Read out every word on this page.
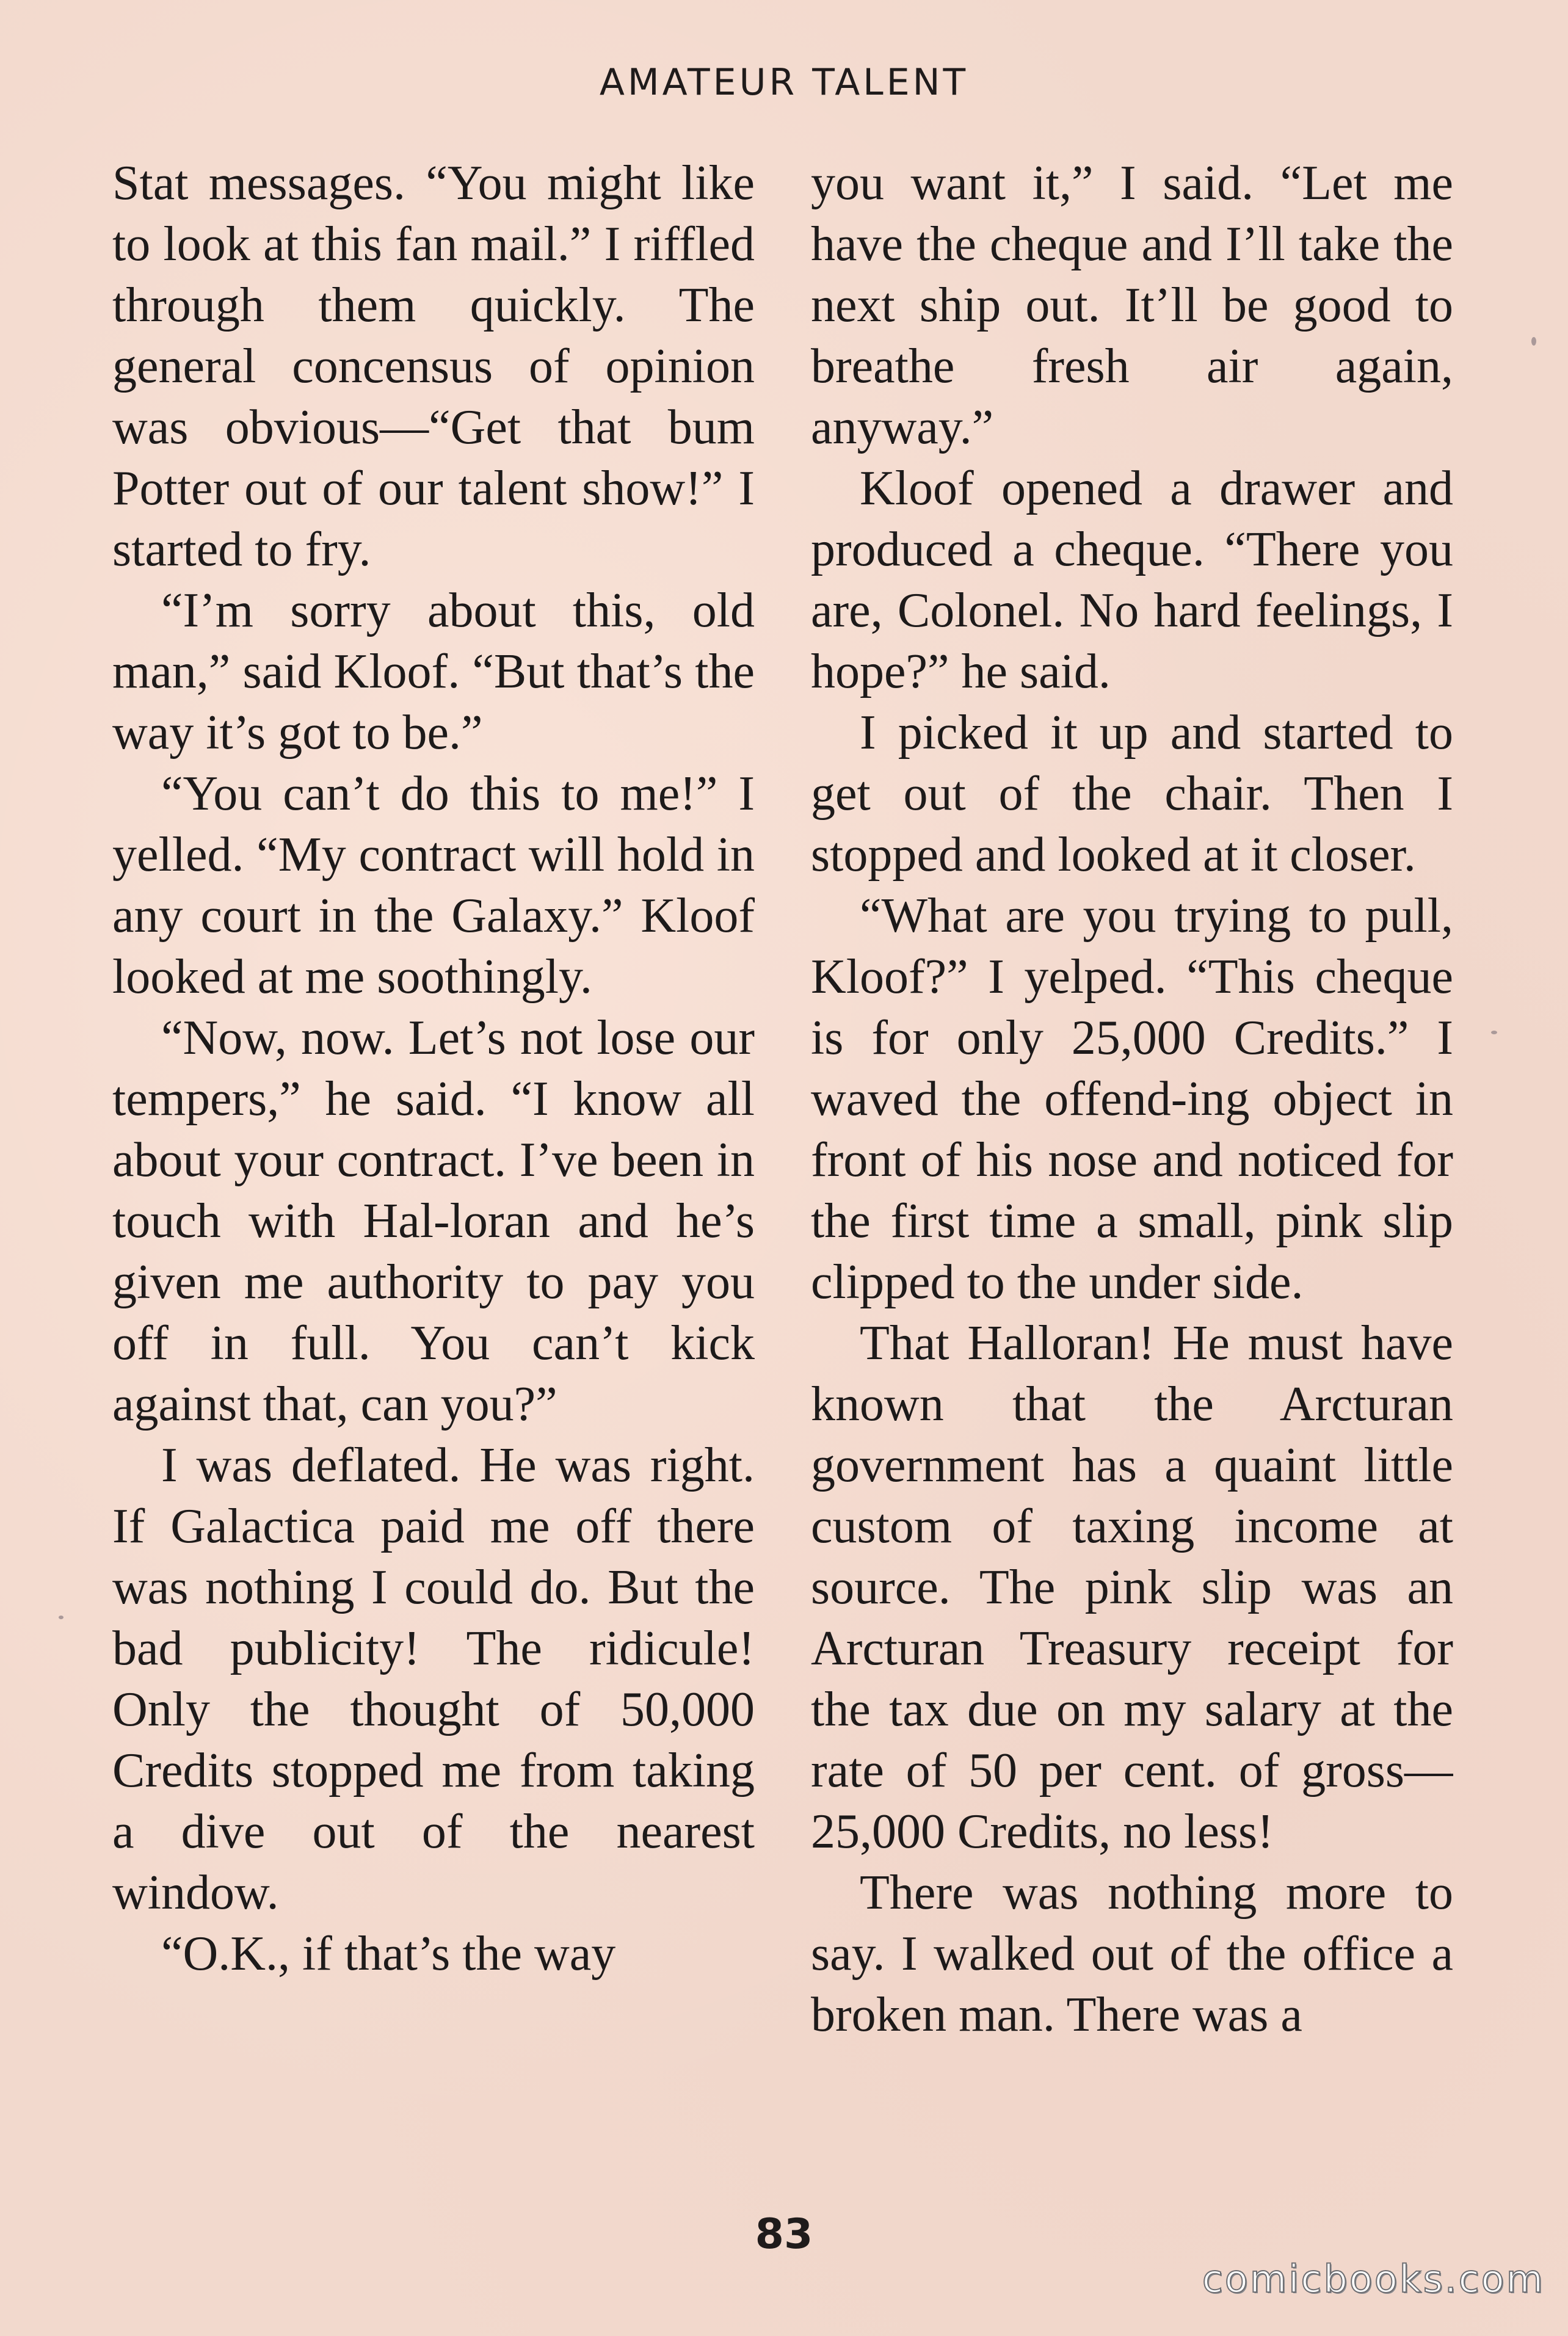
AMATEUR TALENT

Stat messages. “You might like to look at this fan mail.” I riffled through them quickly. The general concensus of opinion was obvious—“Get that bum Potter out of our talent show!” I started to fry.

“I’m sorry about this, old man,” said Kloof. “But that’s the way it’s got to be.”

“You can’t do this to me!” I yelled. “My contract will hold in any court in the Galaxy.” Kloof looked at me soothingly.

“Now, now. Let’s not lose our tempers,” he said. “I know all about your contract. I’ve been in touch with Hal-loran and he’s given me authority to pay you off in full. You can’t kick against that, can you?”

I was deflated. He was right. If Galactica paid me off there was nothing I could do. But the bad publicity! The ridicule! Only the thought of 50,000 Credits stopped me from taking a dive out of the nearest window.

“O.K., if that’s the way

you want it,” I said. “Let me have the cheque and I’ll take the next ship out. It’ll be good to breathe fresh air again, anyway.”

Kloof opened a drawer and produced a cheque. “There you are, Colonel. No hard feelings, I hope?” he said.

I picked it up and started to get out of the chair. Then I stopped and looked at it closer.

“What are you trying to pull, Kloof?” I yelped. “This cheque is for only 25,000 Credits.” I waved the offend-ing object in front of his nose and noticed for the first time a small, pink slip clipped to the under side.

That Halloran! He must have known that the Arcturan government has a quaint little custom of taxing income at source. The pink slip was an Arcturan Treasury receipt for the tax due on my salary at the rate of 50 per cent. of gross—25,000 Credits, no less!

There was nothing more to say. I walked out of the office a broken man. There was a

83
comicbooks.com
